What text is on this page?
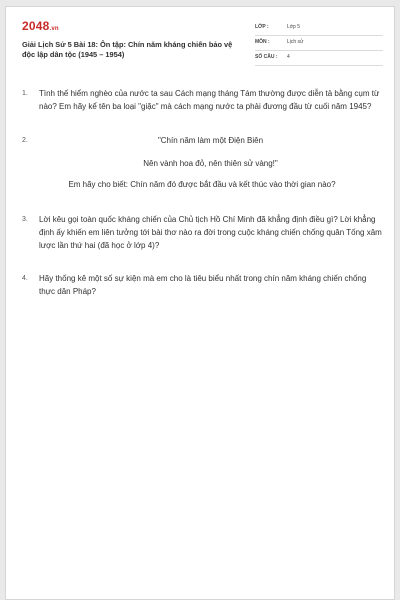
2048.vn
Giải Lịch Sử 5 Bài 18: Ôn tập: Chín năm kháng chiến bảo vệ độc lập dân tộc (1945 – 1954)
LỚP :	Lớp 5
MÔN :	Lịch sử
SỐ CÂU : 4
1.	Tình thế hiểm nghèo của nước ta sau Cách mạng tháng Tám thường được diễn tả bằng cụm từ nào? Em hãy kể tên ba loại "giặc" mà cách mạng nước ta phải đương đầu từ cuối năm 1945?
2.	"Chín năm làm một Điện Biên
Nên vành hoa đỏ, nên thiên sử vàng!"
Em hãy cho biết: Chín năm đó được bắt đầu và kết thúc vào thời gian nào?
3.	Lời kêu gọi toàn quốc kháng chiến của Chủ tịch Hồ Chí Minh đã khẳng định điều gì? Lời khẳng định ấy khiến em liên tưởng tới bài thơ nào ra đời trong cuộc kháng chiến chống quân Tống xâm lược lần thứ hai (đã học ở lớp 4)?
4.	Hãy thống kê một số sự kiện mà em cho là tiêu biểu nhất trong chín năm kháng chiến chống thực dân Pháp?
